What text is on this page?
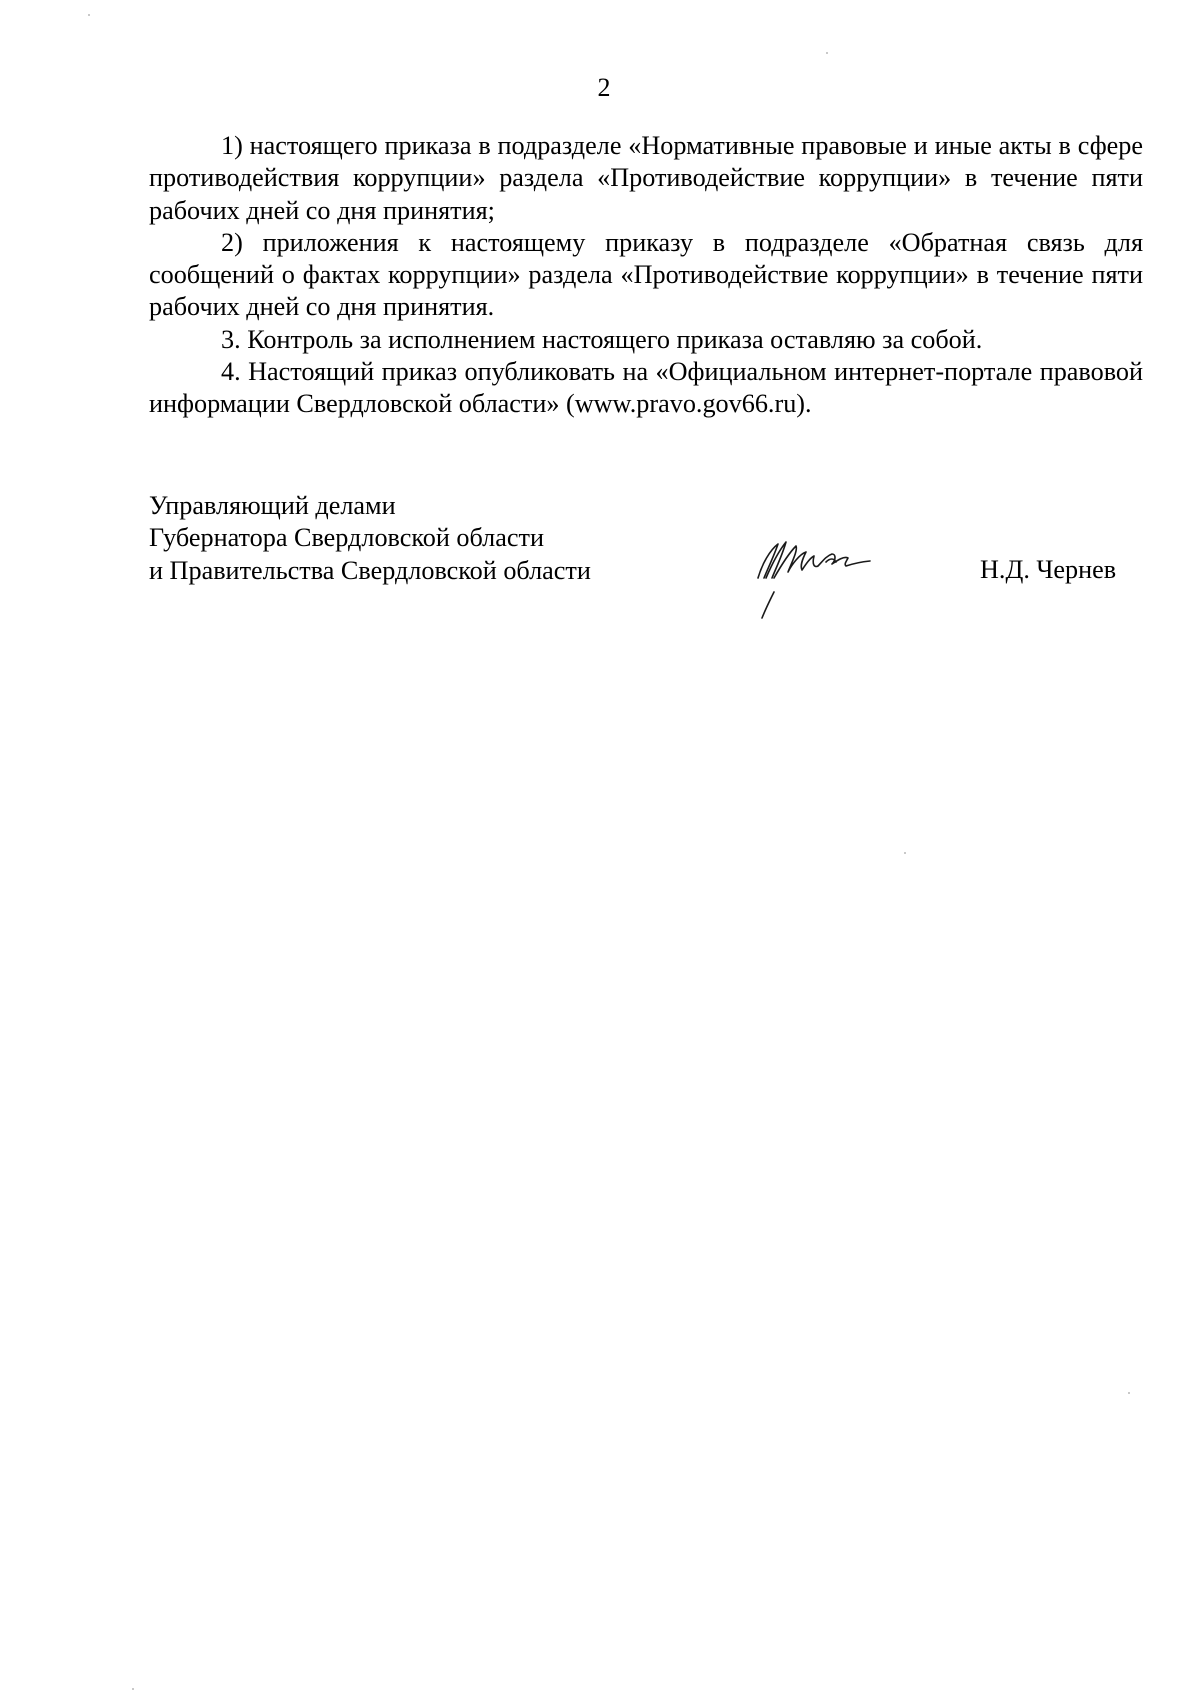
2

1) настоящего приказа в подразделе «Нормативные правовые и иные акты в сфере противодействия коррупции» раздела «Противодействие коррупции» в течение пяти рабочих дней со дня принятия;

2) приложения к настоящему приказу в подразделе «Обратная связь для сообщений о фактах коррупции» раздела «Противодействие коррупции» в течение пяти рабочих дней со дня принятия.

3. Контроль за исполнением настоящего приказа оставляю за собой.

4. Настоящий приказ опубликовать на «Официальном интернет-портале правовой информации Свердловской области» (www.pravo.gov66.ru).

Управляющий делами
Губернатора Свердловской области
и Правительства Свердловской области	Н.Д. Чернев
